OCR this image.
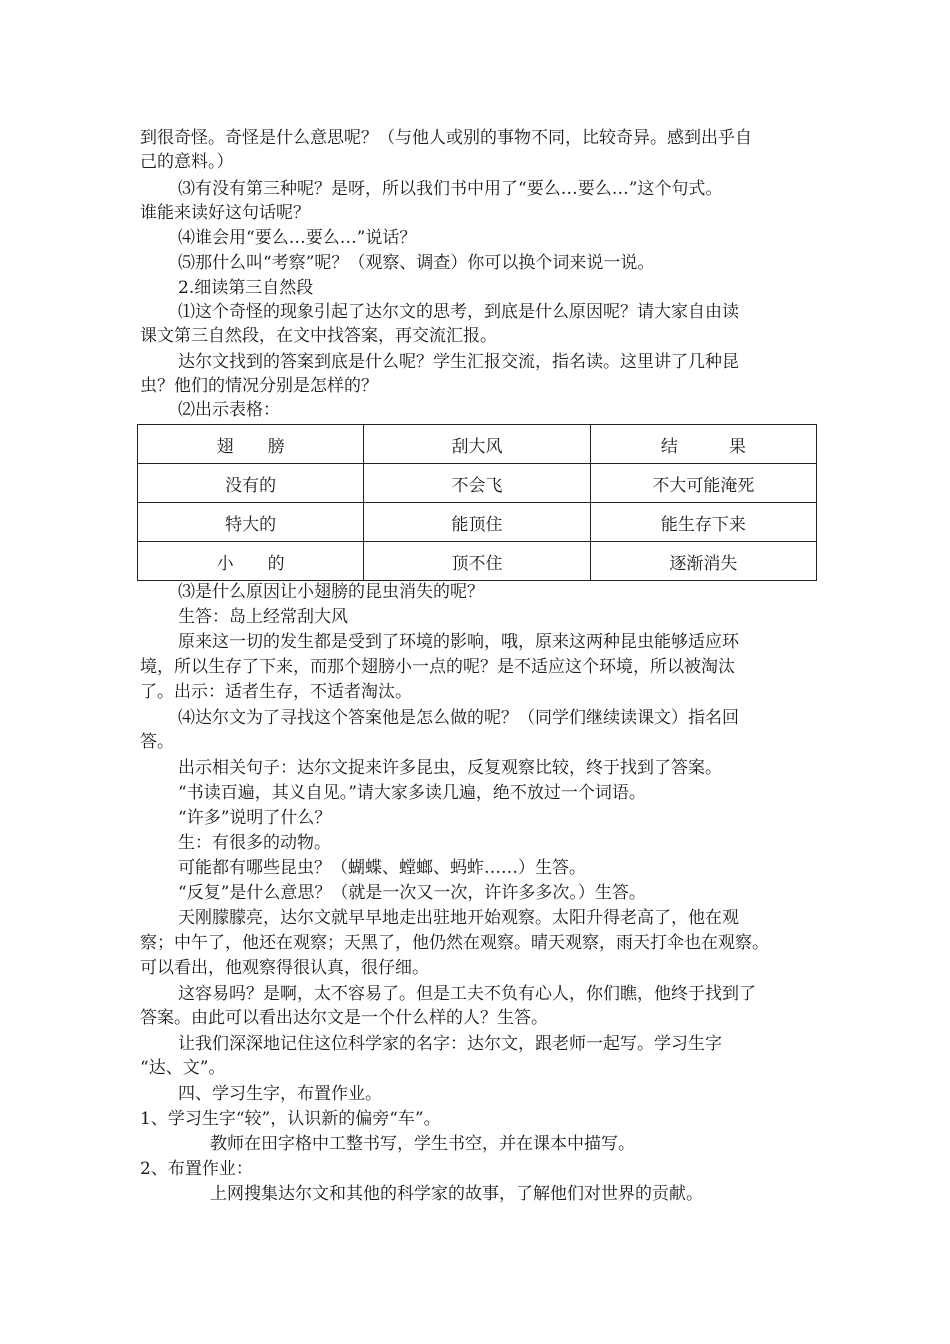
到很奇怪。奇怪是什么意思呢？（与他人或别的事物不同，比较奇异。感到出乎自
己的意料。）
⑶有没有第三种呢？是呀，所以我们书中用了“要么…要么…”这个句式。
谁能来读好这句话呢？
⑷谁会用“要么…要么…”说话？
⑸那什么叫“考察”呢？（观察、调查）你可以换个词来说一说。
2.细读第三自然段
⑴这个奇怪的现象引起了达尔文的思考，到底是什么原因呢？请大家自由读
课文第三自然段，在文中找答案，再交流汇报。
达尔文找到的答案到底是什么呢？学生汇报交流，指名读。这里讲了几种昆
虫？他们的情况分别是怎样的？
⑵出示表格：
翅　　膀	刮大风	结　　　果
没有的	不会飞	不大可能淹死
特大的	能顶住	能生存下来
小　　的	顶不住	逐渐消失
⑶是什么原因让小翅膀的昆虫消失的呢？
生答：岛上经常刮大风
原来这一切的发生都是受到了环境的影响，哦，原来这两种昆虫能够适应环
境，所以生存了下来，而那个翅膀小一点的呢？是不适应这个环境，所以被淘汰
了。出示：适者生存，不适者淘汰。
⑷达尔文为了寻找这个答案他是怎么做的呢？（同学们继续读课文）指名回
答。
出示相关句子：达尔文捉来许多昆虫，反复观察比较，终于找到了答案。
“书读百遍，其义自见。”请大家多读几遍，绝不放过一个词语。
“许多”说明了什么？
生：有很多的动物。
可能都有哪些昆虫？（蝴蝶、螳螂、蚂蚱……）生答。
“反复”是什么意思？（就是一次又一次，许许多多次。）生答。
天刚朦朦亮，达尔文就早早地走出驻地开始观察。太阳升得老高了，他在观
察；中午了，他还在观察；天黑了，他仍然在观察。晴天观察，雨天打伞也在观察。
可以看出，他观察得很认真，很仔细。
这容易吗？是啊，太不容易了。但是工夫不负有心人，你们瞧，他终于找到了
答案。由此可以看出达尔文是一个什么样的人？生答。
让我们深深地记住这位科学家的名字：达尔文，跟老师一起写。学习生字
“达、文”。
四、学习生字，布置作业。
1、学习生字“较”，认识新的偏旁“车”。
教师在田字格中工整书写，学生书空，并在课本中描写。
2、布置作业：
上网搜集达尔文和其他的科学家的故事，了解他们对世界的贡献。
